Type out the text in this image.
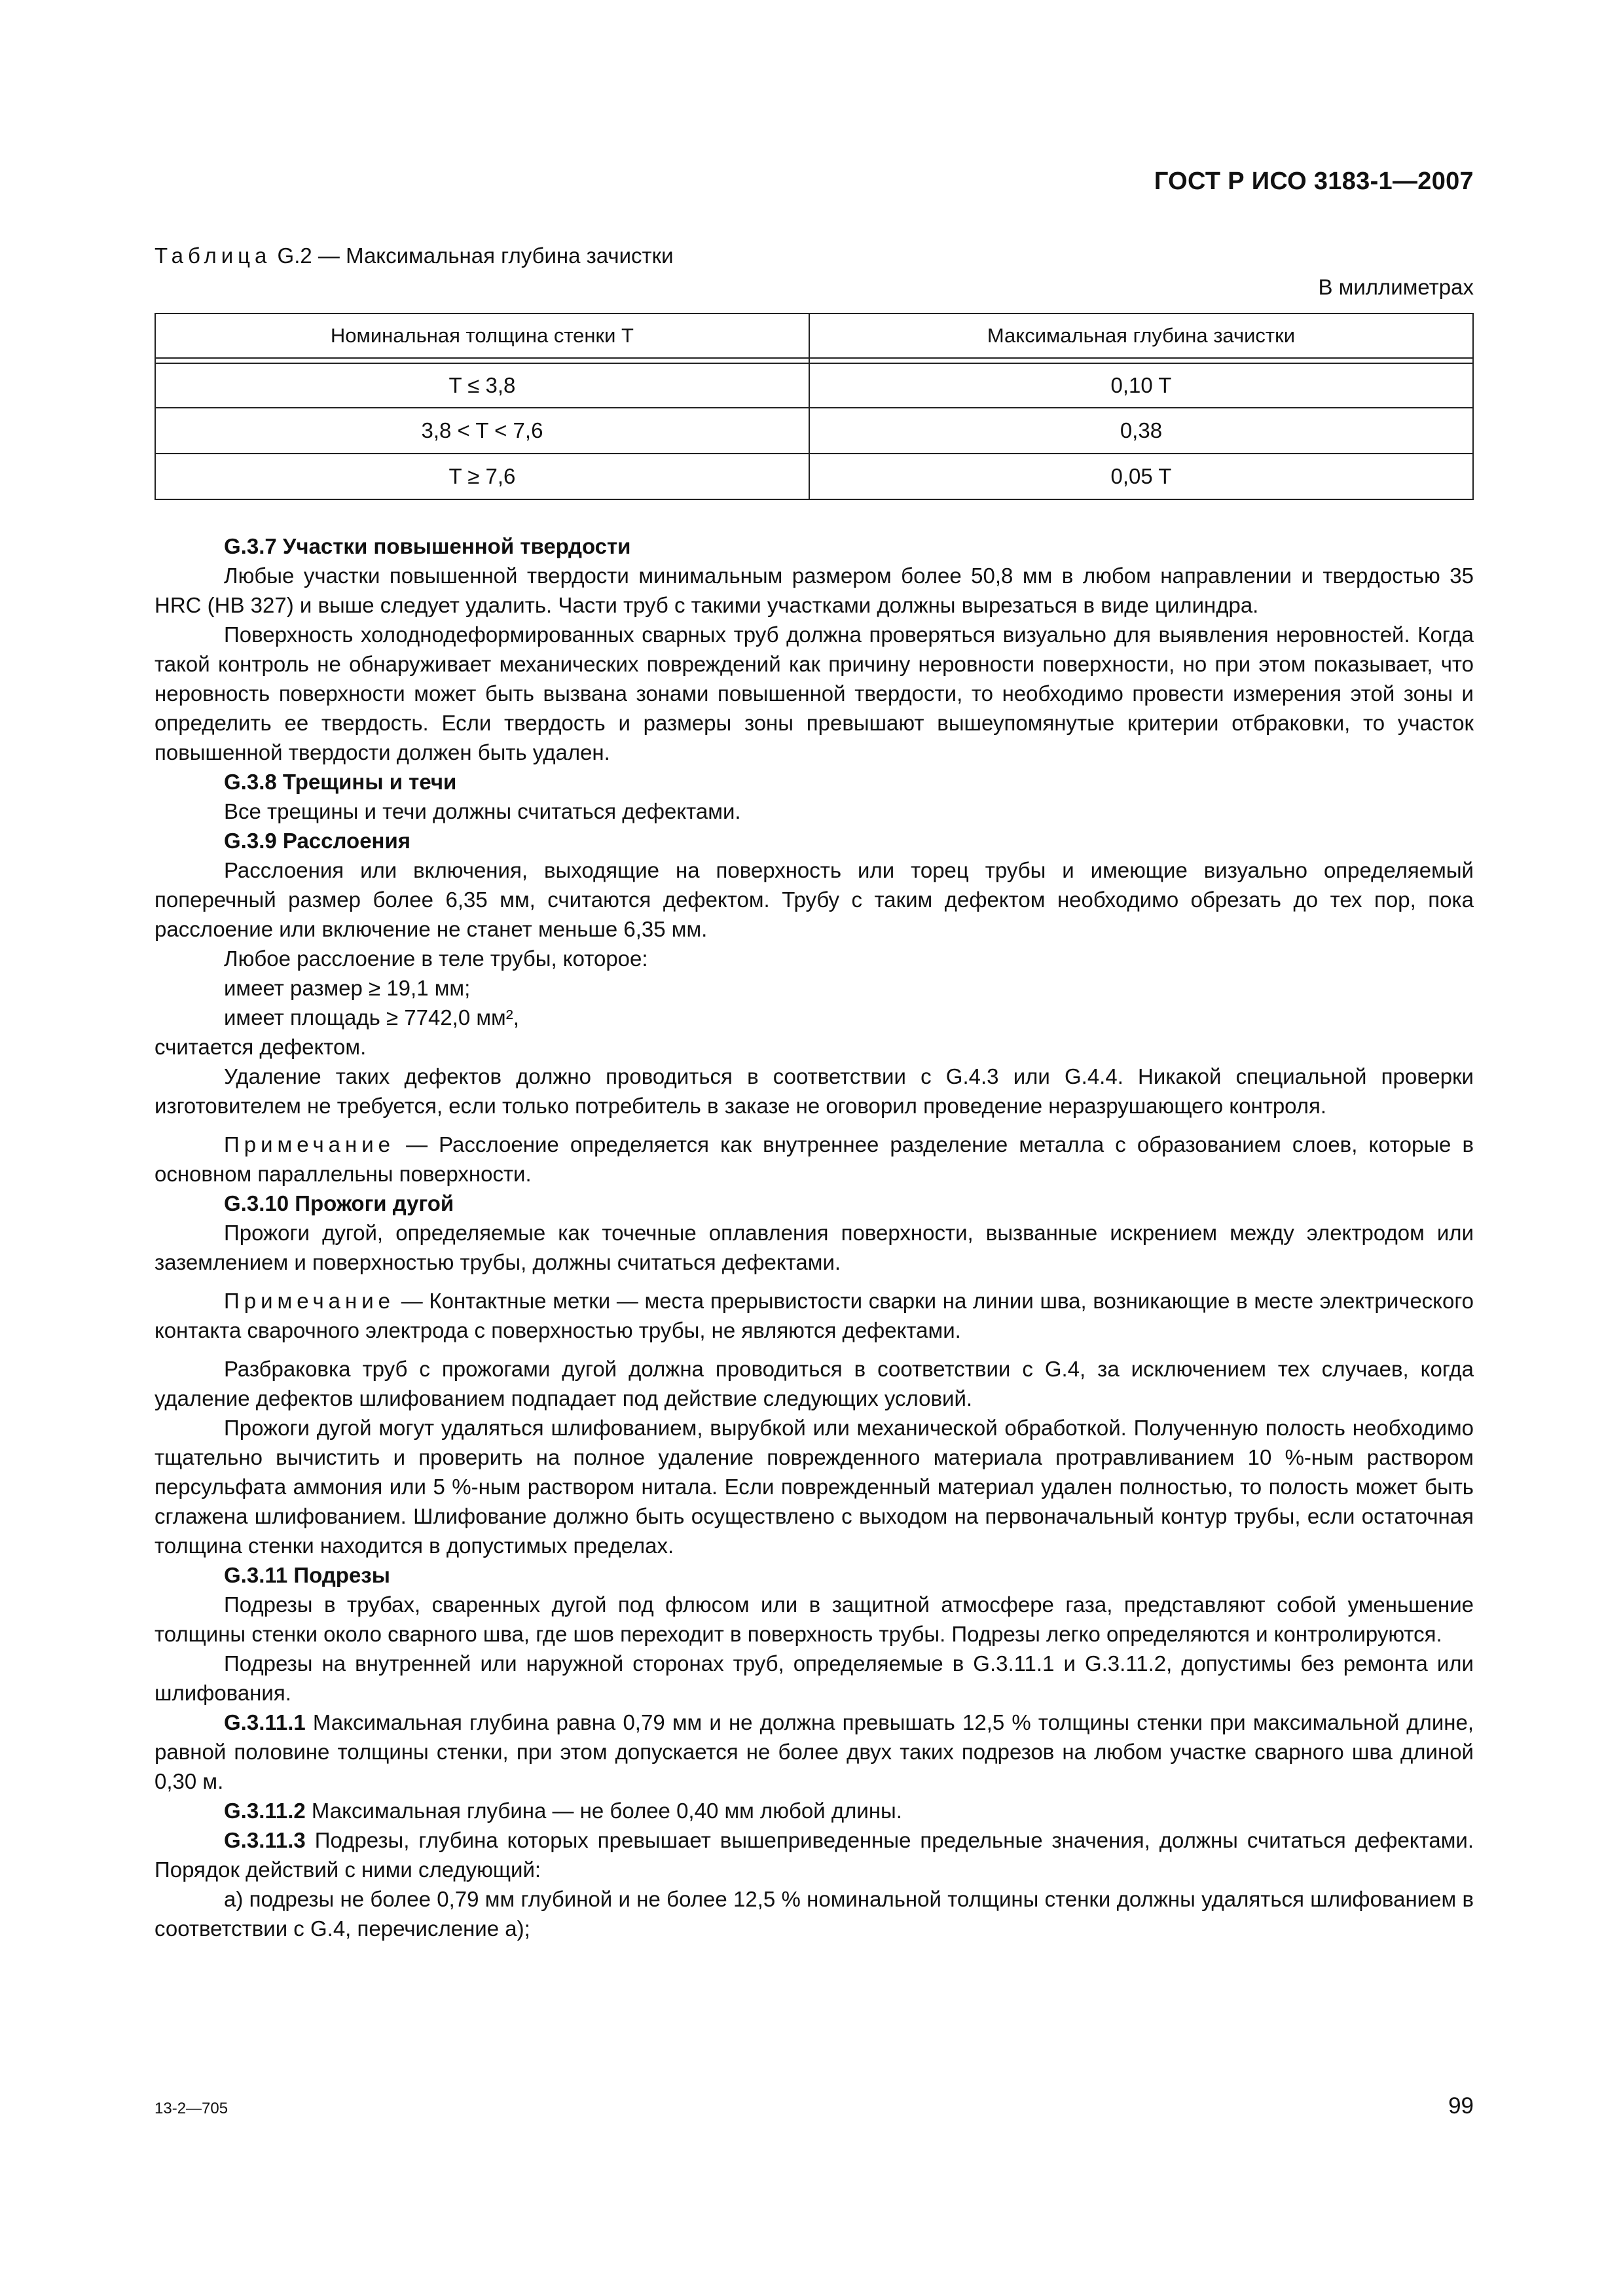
ГОСТ Р ИСО 3183-1—2007
Таблица G.2 — Максимальная глубина зачистки
В миллиметрах
Номинальная толщина стенки T	Максимальная глубина зачистки

T ≤ 3,8	0,10 T
3,8 < T < 7,6	0,38
T ≥ 7,6	0,05 T
G.3.7 Участки повышенной твердости

Любые участки повышенной твердости минимальным размером более 50,8 мм в любом направлении и твердостью 35 HRC (HB 327) и выше следует удалить. Части труб с такими участками должны вырезаться в виде цилиндра.

Поверхность холоднодеформированных сварных труб должна проверяться визуально для выявления неровностей. Когда такой контроль не обнаруживает механических повреждений как причину неровности поверхности, но при этом показывает, что неровность поверхности может быть вызвана зонами повышенной твердости, то необходимо провести измерения этой зоны и определить ее твердость. Если твердость и размеры зоны превышают вышеупомянутые критерии отбраковки, то участок повышенной твердости должен быть удален.

G.3.8 Трещины и течи

Все трещины и течи должны считаться дефектами.

G.3.9 Расслоения

Расслоения или включения, выходящие на поверхность или торец трубы и имеющие визуально определяемый поперечный размер более 6,35 мм, считаются дефектом. Трубу с таким дефектом необходимо обрезать до тех пор, пока расслоение или включение не станет меньше 6,35 мм.

Любое расслоение в теле трубы, которое:

имеет размер ≥ 19,1 мм;

имеет площадь ≥ 7742,0 мм²,

считается дефектом.

Удаление таких дефектов должно проводиться в соответствии с G.4.3 или G.4.4. Никакой специальной проверки изготовителем не требуется, если только потребитель в заказе не оговорил проведение неразрушающего контроля.

Примечание — Расслоение определяется как внутреннее разделение металла с образованием слоев, которые в основном параллельны поверхности.

G.3.10 Прожоги дугой

Прожоги дугой, определяемые как точечные оплавления поверхности, вызванные искрением между электродом или заземлением и поверхностью трубы, должны считаться дефектами.

Примечание — Контактные метки — места прерывистости сварки на линии шва, возникающие в месте электрического контакта сварочного электрода с поверхностью трубы, не являются дефектами.

Разбраковка труб с прожогами дугой должна проводиться в соответствии с G.4, за исключением тех случаев, когда удаление дефектов шлифованием подпадает под действие следующих условий.

Прожоги дугой могут удаляться шлифованием, вырубкой или механической обработкой. Полученную полость необходимо тщательно вычистить и проверить на полное удаление поврежденного материала протравливанием 10 %-ным раствором персульфата аммония или 5 %-ным раствором нитала. Если поврежденный материал удален полностью, то полость может быть сглажена шлифованием. Шлифование должно быть осуществлено с выходом на первоначальный контур трубы, если остаточная толщина стенки находится в допустимых пределах.

G.3.11 Подрезы

Подрезы в трубах, сваренных дугой под флюсом или в защитной атмосфере газа, представляют собой уменьшение толщины стенки около сварного шва, где шов переходит в поверхность трубы. Подрезы легко определяются и контролируются.

Подрезы на внутренней или наружной сторонах труб, определяемые в G.3.11.1 и G.3.11.2, допустимы без ремонта или шлифования.

G.3.11.1 Максимальная глубина равна 0,79 мм и не должна превышать 12,5 % толщины стенки при максимальной длине, равной половине толщины стенки, при этом допускается не более двух таких подрезов на любом участке сварного шва длиной 0,30 м.

G.3.11.2 Максимальная глубина — не более 0,40 мм любой длины.

G.3.11.3 Подрезы, глубина которых превышает вышеприведенные предельные значения, должны считаться дефектами. Порядок действий с ними следующий:

а) подрезы не более 0,79 мм глубиной и не более 12,5 % номинальной толщины стенки должны удаляться шлифованием в соответствии с G.4, перечисление а);

13-2—705	99
